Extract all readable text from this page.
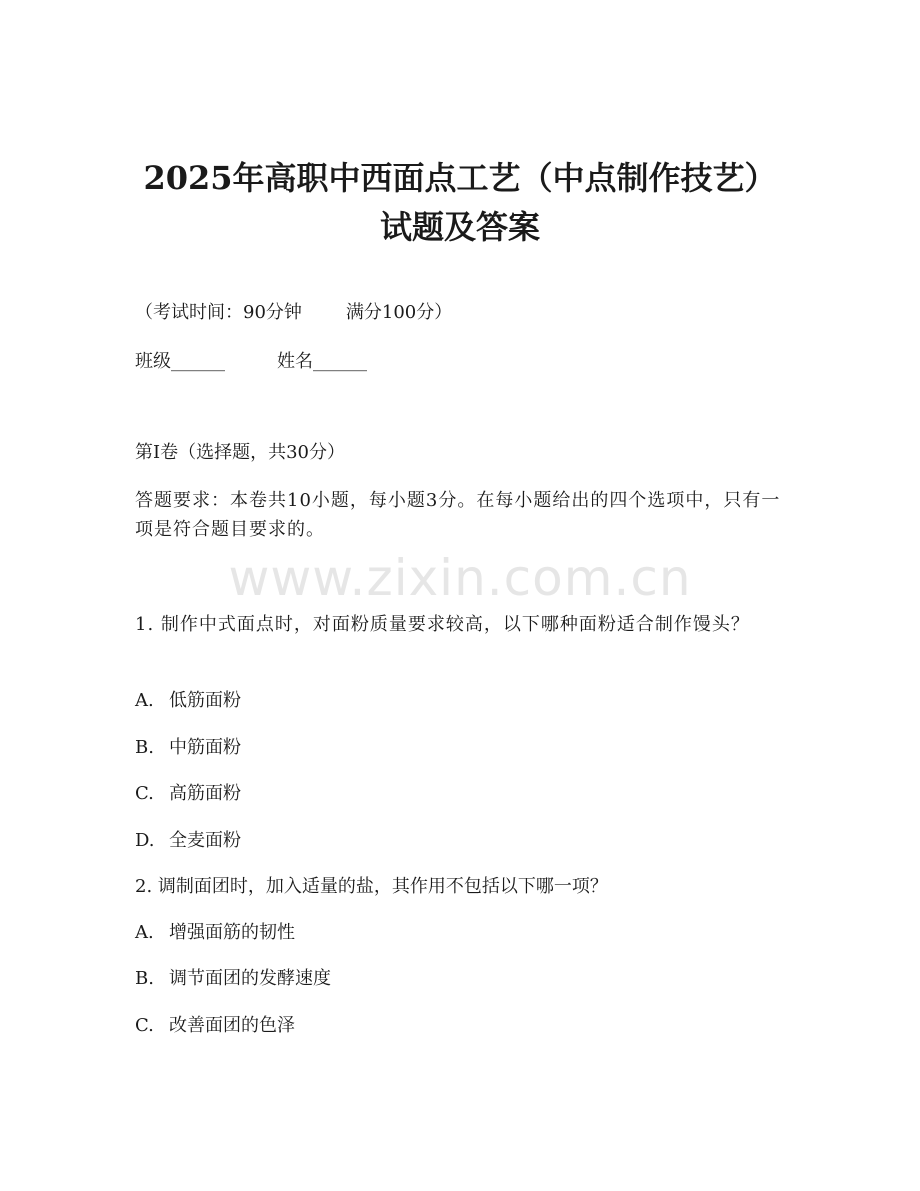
2025年高职中西面点工艺（中点制作技艺）
试题及答案

（考试时间：90分钟 满分100分）

班级______	姓名______

第I卷（选择题，共30分）

答题要求：本卷共10小题，每小题3分。在每小题给出的四个选项中，只有一项是符合题目要求的。

www.zixin.com.cn

1. 制作中式面点时，对面粉质量要求较高，以下哪种面粉适合制作馒头？

A. 低筋面粉

B. 中筋面粉

C. 高筋面粉

D. 全麦面粉

2. 调制面团时，加入适量的盐，其作用不包括以下哪一项？

A. 增强面筋的韧性

B. 调节面团的发酵速度

C. 改善面团的色泽
